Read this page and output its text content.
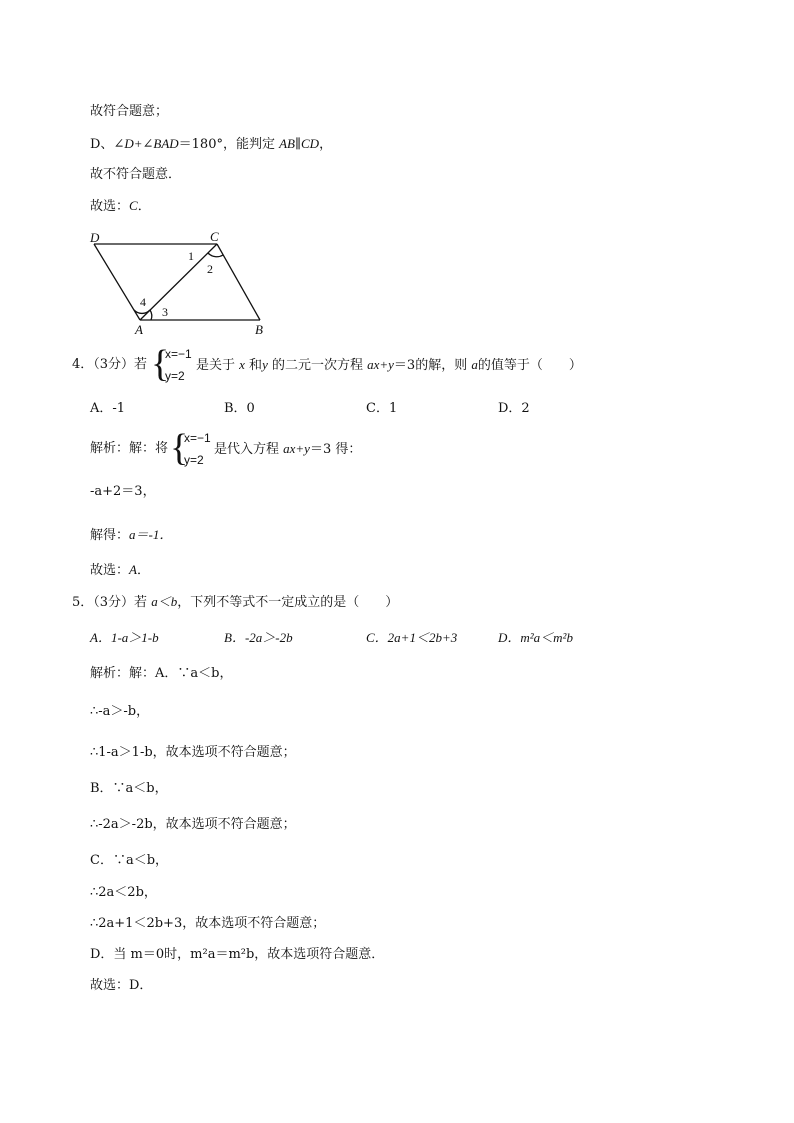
故符合题意；
D、∠D+∠BAD＝180°，能判定 AB∥CD，
故不符合题意．
故选：C．
D	C
A	B
1
2
3
4
4．（3分）若 {
x=−1
y=2
是关于 x 和y 的二元一次方程 ax+y＝3的解，则 a的值等于（　　）
A．-1	B．0	C．1	D．2
解析：解：将 {
x=−1
y=2
是代入方程 ax+y＝3 得：
-a+2＝3，
解得：a＝-1．
故选：A．
5．（3分）若 a＜b，下列不等式不一定成立的是（　　）
A．1-a＞1-b	B．-2a＞-2b	C．2a+1＜2b+3	D．m²a＜m²b
解析：解：A．∵a＜b，
∴-a＞-b，
∴1-a＞1-b，故本选项不符合题意；
B．∵a＜b，
∴-2a＞-2b，故本选项不符合题意；
C．∵a＜b，
∴2a＜2b，
∴2a+1＜2b+3，故本选项不符合题意；
D．当 m＝0时，m²a＝m²b，故本选项符合题意．
故选：D．
